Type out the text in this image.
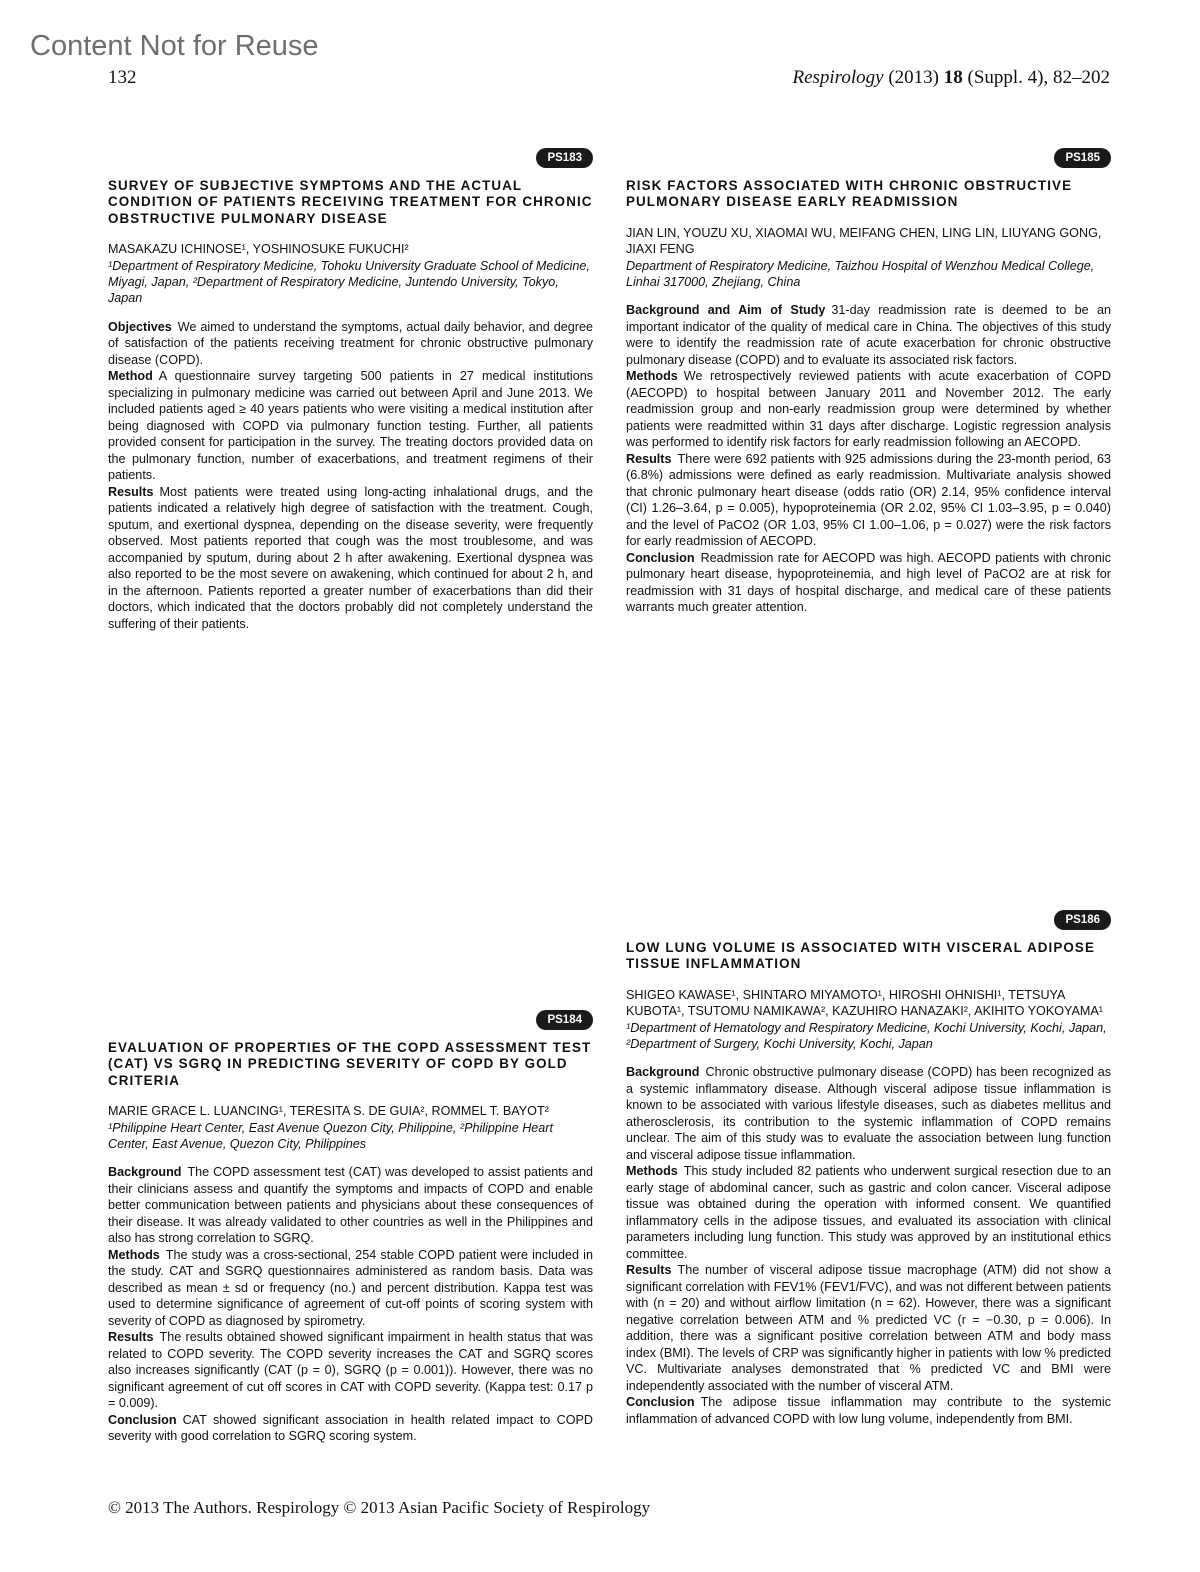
Content Not for Reuse
132	Respirology (2013) 18 (Suppl. 4), 82–202
PS183
SURVEY OF SUBJECTIVE SYMPTOMS AND THE ACTUAL CONDITION OF PATIENTS RECEIVING TREATMENT FOR CHRONIC OBSTRUCTIVE PULMONARY DISEASE
MASAKAZU ICHINOSE¹, YOSHINOSUKE FUKUCHI²
¹Department of Respiratory Medicine, Tohoku University Graduate School of Medicine, Miyagi, Japan, ²Department of Respiratory Medicine, Juntendo University, Tokyo, Japan

Objectives We aimed to understand the symptoms, actual daily behavior, and degree of satisfaction of the patients receiving treatment for chronic obstructive pulmonary disease (COPD).

Method A questionnaire survey targeting 500 patients in 27 medical institutions specializing in pulmonary medicine was carried out between April and June 2013. We included patients aged ≥ 40 years patients who were visiting a medical institution after being diagnosed with COPD via pulmonary function testing. Further, all patients provided consent for participation in the survey. The treating doctors provided data on the pulmonary function, number of exacerbations, and treatment regimens of their patients.

Results Most patients were treated using long-acting inhalational drugs, and the patients indicated a relatively high degree of satisfaction with the treatment. Cough, sputum, and exertional dyspnea, depending on the disease severity, were frequently observed. Most patients reported that cough was the most troublesome, and was accompanied by sputum, during about 2 h after awakening. Exertional dyspnea was also reported to be the most severe on awakening, which continued for about 2 h, and in the afternoon. Patients reported a greater number of exacerbations than did their doctors, which indicated that the doctors probably did not completely understand the suffering of their patients.

PS185
RISK FACTORS ASSOCIATED WITH CHRONIC OBSTRUCTIVE PULMONARY DISEASE EARLY READMISSION
JIAN LIN, YOUZU XU, XIAOMAI WU, MEIFANG CHEN, LING LIN, LIUYANG GONG, JIAXI FENG
Department of Respiratory Medicine, Taizhou Hospital of Wenzhou Medical College, Linhai 317000, Zhejiang, China

Background and Aim of Study 31-day readmission rate is deemed to be an important indicator of the quality of medical care in China. The objectives of this study were to identify the readmission rate of acute exacerbation for chronic obstructive pulmonary disease (COPD) and to evaluate its associated risk factors.

Methods We retrospectively reviewed patients with acute exacerbation of COPD (AECOPD) to hospital between January 2011 and November 2012. The early readmission group and non-early readmission group were determined by whether patients were readmitted within 31 days after discharge. Logistic regression analysis was performed to identify risk factors for early readmission following an AECOPD.

Results There were 692 patients with 925 admissions during the 23-month period, 63 (6.8%) admissions were defined as early readmission. Multivariate analysis showed that chronic pulmonary heart disease (odds ratio (OR) 2.14, 95% confidence interval (CI) 1.26–3.64, p = 0.005), hypoproteinemia (OR 2.02, 95% CI 1.03–3.95, p = 0.040) and the level of PaCO2 (OR 1.03, 95% CI 1.00–1.06, p = 0.027) were the risk factors for early readmission of AECOPD.

Conclusion Readmission rate for AECOPD was high. AECOPD patients with chronic pulmonary heart disease, hypoproteinemia, and high level of PaCO2 are at risk for readmission with 31 days of hospital discharge, and medical care of these patients warrants much greater attention.

PS184
EVALUATION OF PROPERTIES OF THE COPD ASSESSMENT TEST (CAT) VS SGRQ IN PREDICTING SEVERITY OF COPD BY GOLD CRITERIA
MARIE GRACE L. LUANCING¹, TERESITA S. DE GUIA², ROMMEL T. BAYOT²
¹Philippine Heart Center, East Avenue Quezon City, Philippine, ²Philippine Heart Center, East Avenue, Quezon City, Philippines

Background The COPD assessment test (CAT) was developed to assist patients and their clinicians assess and quantify the symptoms and impacts of COPD and enable better communication between patients and physicians about these consequences of their disease. It was already validated to other countries as well in the Philippines and also has strong correlation to SGRQ.

Methods The study was a cross-sectional, 254 stable COPD patient were included in the study. CAT and SGRQ questionnaires administered as random basis. Data was described as mean ± sd or frequency (no.) and percent distribution. Kappa test was used to determine significance of agreement of cut-off points of scoring system with severity of COPD as diagnosed by spirometry.

Results The results obtained showed significant impairment in health status that was related to COPD severity. The COPD severity increases the CAT and SGRQ scores also increases significantly (CAT (p = 0), SGRQ (p = 0.001)). However, there was no significant agreement of cut off scores in CAT with COPD severity. (Kappa test: 0.17 p = 0.009).

Conclusion CAT showed significant association in health related impact to COPD severity with good correlation to SGRQ scoring system.

PS186
LOW LUNG VOLUME IS ASSOCIATED WITH VISCERAL ADIPOSE TISSUE INFLAMMATION
SHIGEO KAWASE¹, SHINTARO MIYAMOTO¹, HIROSHI OHNISHI¹, TETSUYA KUBOTA¹, TSUTOMU NAMIKAWA², KAZUHIRO HANAZAKI², AKIHITO YOKOYAMA¹
¹Department of Hematology and Respiratory Medicine, Kochi University, Kochi, Japan, ²Department of Surgery, Kochi University, Kochi, Japan

Background Chronic obstructive pulmonary disease (COPD) has been recognized as a systemic inflammatory disease. Although visceral adipose tissue inflammation is known to be associated with various lifestyle diseases, such as diabetes mellitus and atherosclerosis, its contribution to the systemic inflammation of COPD remains unclear. The aim of this study was to evaluate the association between lung function and visceral adipose tissue inflammation.

Methods This study included 82 patients who underwent surgical resection due to an early stage of abdominal cancer, such as gastric and colon cancer. Visceral adipose tissue was obtained during the operation with informed consent. We quantified inflammatory cells in the adipose tissues, and evaluated its association with clinical parameters including lung function. This study was approved by an institutional ethics committee.

Results The number of visceral adipose tissue macrophage (ATM) did not show a significant correlation with FEV1% (FEV1/FVC), and was not different between patients with (n = 20) and without airflow limitation (n = 62). However, there was a significant negative correlation between ATM and % predicted VC (r = −0.30, p = 0.006). In addition, there was a significant positive correlation between ATM and body mass index (BMI). The levels of CRP was significantly higher in patients with low % predicted VC. Multivariate analyses demonstrated that % predicted VC and BMI were independently associated with the number of visceral ATM.

Conclusion The adipose tissue inflammation may contribute to the systemic inflammation of advanced COPD with low lung volume, independently from BMI.

© 2013 The Authors. Respirology © 2013 Asian Pacific Society of Respirology
